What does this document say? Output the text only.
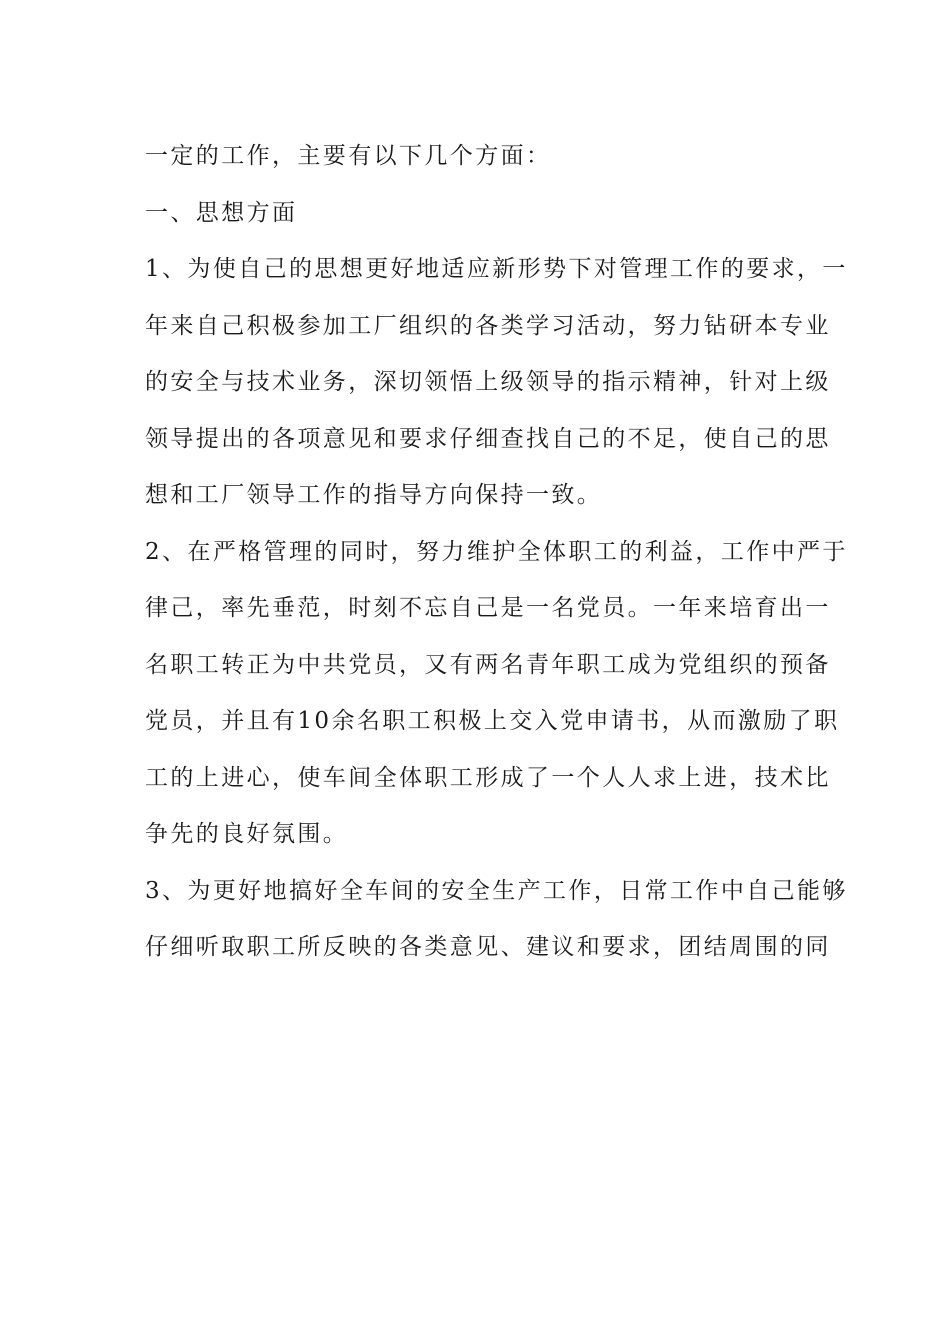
一定的工作，主要有以下几个方面：
一、思想方面
1、为使自己的思想更好地适应新形势下对管理工作的要求，一
年来自己积极参加工厂组织的各类学习活动，努力钻研本专业
的安全与技术业务，深切领悟上级领导的指示精神，针对上级
领导提出的各项意见和要求仔细查找自己的不足，使自己的思
想和工厂领导工作的指导方向保持一致。
2、在严格管理的同时，努力维护全体职工的利益，工作中严于
律己，率先垂范，时刻不忘自己是一名党员。一年来培育出一
名职工转正为中共党员，又有两名青年职工成为党组织的预备
党员，并且有10余名职工积极上交入党申请书，从而激励了职
工的上进心，使车间全体职工形成了一个人人求上进，技术比
争先的良好氛围。
3、为更好地搞好全车间的安全生产工作，日常工作中自己能够
仔细听取职工所反映的各类意见、建议和要求，团结周围的同
